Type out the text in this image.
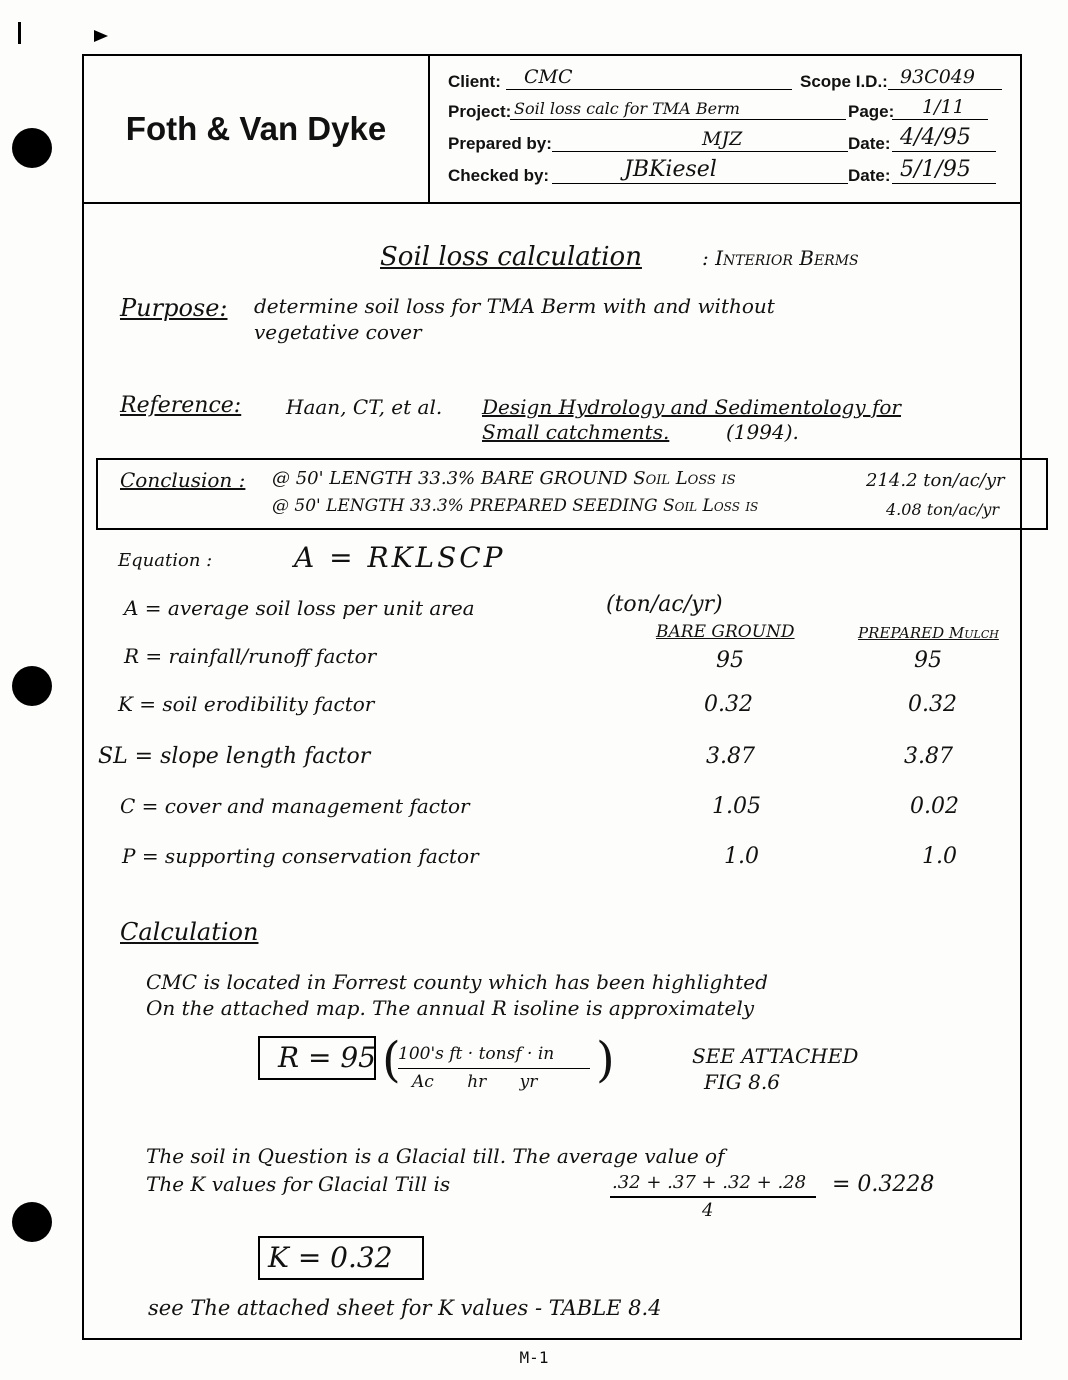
Foth & Van Dyke
Client: CMC	Scope I.D.: 93C049
Project: Soil loss calc for TMA Berm	Page: 1/11
Prepared by:	MJZ	Date: 4/4/95
Checked by:	JBKiesel	Date: 5/1/95
Soil loss calculation	: Interior Berms
Purpose: determine soil loss for TMA Berm with and without
vegetative cover
Reference: Haan, CT, et al. Design Hydrology and Sedimentology for
Small catchments.	(1994).
Conclusion : @ 50' LENGTH 33.3% BARE GROUND Soil Loss is	214.2 ton/ac/yr
@ 50' LENGTH 33.3% PREPARED SEEDING Soil Loss is	4.08 ton/ac/yr
Equation :	A = RKLSCP
A = average soil loss per unit area	(ton/ac/yr)
BARE GROUND	PREPARED Mulch
Calculation
CMC is located in Forrest county which has been highlighted
On the attached map. The annual R isoline is approximately
R = 95 (
100's ft · tonsf · in
Ac hr yr )	SEE ATTACHED
FIG 8.6
The soil in Question is a Glacial till. The average value of
The K values for Glacial Till is	.32 + .37 + .32 + .28
4
= 0.3228
K = 0.32
see The attached sheet for K values - TABLE 8.4
M-1
R = rainfall/runoff factor	95	95
K = soil erodibility factor	0.32	0.32
SL = slope length factor	3.87	3.87
C = cover and management factor	1.05	0.02
P = supporting conservation factor	1.0	1.0
